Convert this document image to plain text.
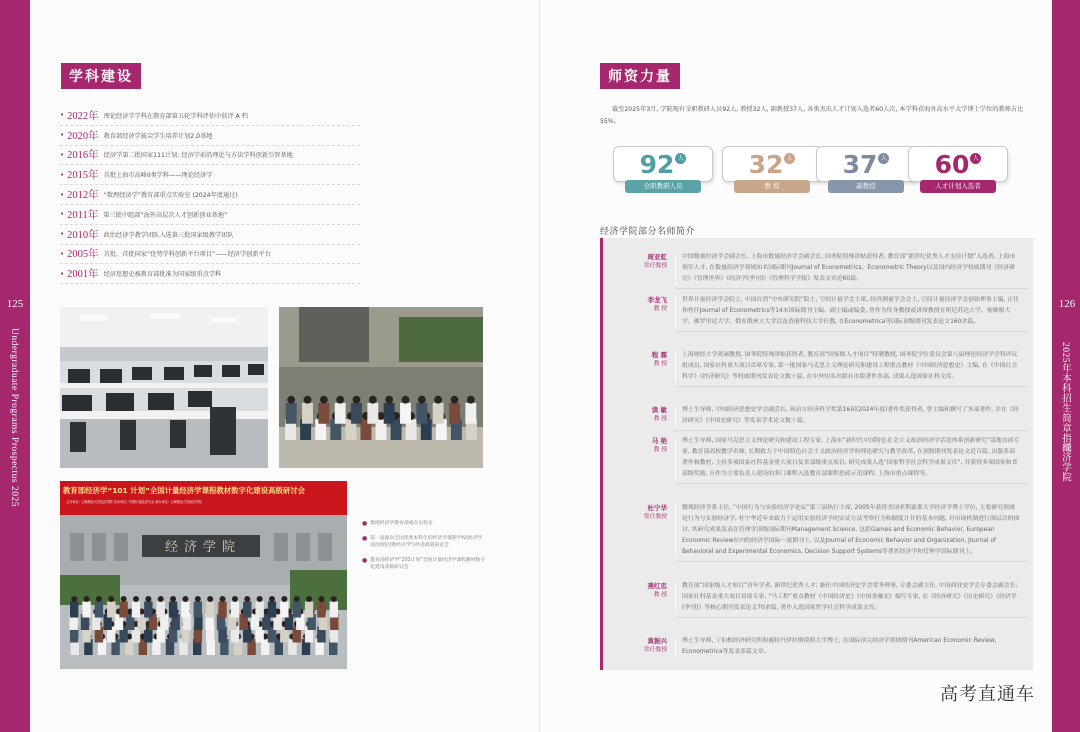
125
Undergraduate Programs Prospectus 2025
学科建设
• 2022年 理论经济学学科在教育部第五轮学科评估中获评 A 档
• 2020年 教育部经济学拔尖学生培养计划2.0基地
• 2016年 经济学第二批国家111计划: 经济学前沿理论与方法学科创新引智基地
• 2015年 首批上海市高峰II类学科——理论经济学
• 2012年 “数理经济学”教育部重点实验室 (2024年度通过)
• 2011年 第三批中组部“海外高层次人才创新创业基地”
• 2010年 政治经济学教学团队入选第三批国家级教学团队
• 2005年 首批、首批国家“优势学科创新平台项目”——经济学创新平台
• 2001年 经济思想史被教育部批准为国家级重点学科
教育部经济学“101 计划”全国计量经济学课程教材数字化建设高级研讨会
主办单位: 上海财经大学经济学院 协办单位: 中国计量经济学会 承办单位: 上海财经大学经济学院
经济学院
● 数理经济学教育部重点实验室
● 第一届面向全国优秀本科生的经济学暑期学校(经济学前沿理论)暨经济学与经济政策研讨会
● 教育部经济学“101计划”全国计量经济学课程教材数字化建设高级研讨会
126
2025年本科招生简章指南
经济学院
师资力量

截至2025年3月, 学院现有全职教研人员92人, 教授32人, 副教授37人, 各类杰出人才计划入选者60人次, 本学科获海外高水平大学博士学位的教师占比55%。

92 人
全职教研人员
32 人
教 授
37 人
副教授
60 人
人才计划入选者
经济学院部分名师简介
周亚虹
常任教授
中国数量经济学会副会长, 上海市数量经济学会副会长, 国务院特殊津贴获得者, 教育部“新世纪优秀人才支持计划”入选者, 上海市领军人才, 在数量经济学领域知名国际期刊Journal of Econometrics、Econometric Theory以及国内经济学权威期刊《经济研究》《管理世界》《经济学(季刊)》《管理科学学报》发表文章近60篇。
李龙飞
教 授
世界计量经济学会院士, 中国台湾“中央研究院”院士, 空间计量学会主席, 经济测量学会会士, 空间计量经济学会创始理事主编, 正任和曾任Journal of Econometrics等14本国际期刊主编、副主编或编委, 曾作为终身教授或讲席教授在明尼苏达大学、密歇根大学、佛罗里达大学、俄亥俄州立大学以及香港科技大学任教, 在Econometrica等国际顶级期刊发表论文160余篇。
程 霖
教 授
上海财经大学资深教授, 国务院特殊津贴获得者, 教育部“国家级人才项目”特聘教授, 国务院学位委员会第八届理论经济学学科评议组成员, 国家社科重大项目首席专家, 第一批国家马克思主义理论研究和建设工程重点教材《中国经济思想史》主编, 在《中国社会科学》《经济研究》等权威期刊发表论文数十篇, 在中外知名出版社出版著作多部, 成果入选国家社科文库。
读 敏
教 授
博士生导师, 中国经济思想史学会副会长, 孙冶方经济科学奖第16届(2024年度)著作奖获得者, 曾主编和撰写了多部著作, 并在《经济研究》《中国史研究》等发表学术论文数十篇。
马 艳
教 授
博士生导师, 国家马克思主义理论研究和建设工程专家, 上海市“新时代中国特色社会主义政治经济学话语体系创新研究”基地首席专家, 教育部高校教学名师, 长期致力于中国特色社会主义政治经济学的理论研究与教学改革, 在顶级期刊发表论文近百篇, 出版多部著作和教材, 主持多项国家社科基金重大项目及省部级重点项目, 研究成果入选“国家哲学社会科学成果文库”, 并获得多项国家和省部级奖励, 且作为主要负责人建设的多门课程入选教育部课程思政示范课程, 上海市重点课程等。
杜宁华
常任教授
微观经济学系主任, “中国行为与实验经济学论坛”第三届执行主席, 2005年获得美国亚利桑那大学经济学博士学位, 主要研究领域是行为与实验经济学, 杜宁华近年来致力于运用实验经济学的实证方法考察行为和制度计并的基本问题, 对市场机制进行深层次的探讨, 其研究成果发表在管理学顶级国际期刊Management Science, 包括Games and Economic Behavior, European Economic Review在内的经济学国际一流期刊上, 以及Journal of Economic Behavior and Organization, Journal of Behavioral and Experimental Economics, Decision Support Systems等著名经济学和管理学国际期刊上。
燕红忠
教 授
教育部“国家级人才项目”青年学者, 新世纪优秀人才; 兼任中国经济史学会常务理事, 专委会副主任, 中国商业史学会专委会副会长; 国家社科基金重大项目首席专家, “马工程”重点教材《中国经济史》《中国金融史》编写专家, 在《经济研究》《历史研究》《经济学(季刊)》等核心期刊发表论文70余篇, 著作入选国家哲学社会科学成果文库。
黄振兴
常任教授
博士生导师, 丁伯根经济研究所和鹿特丹伊拉斯谟斯大学博士, 在国际顶尖经济学领域期刊American Economic Review, Econometrica等发表多篇文章。
高考直通车
